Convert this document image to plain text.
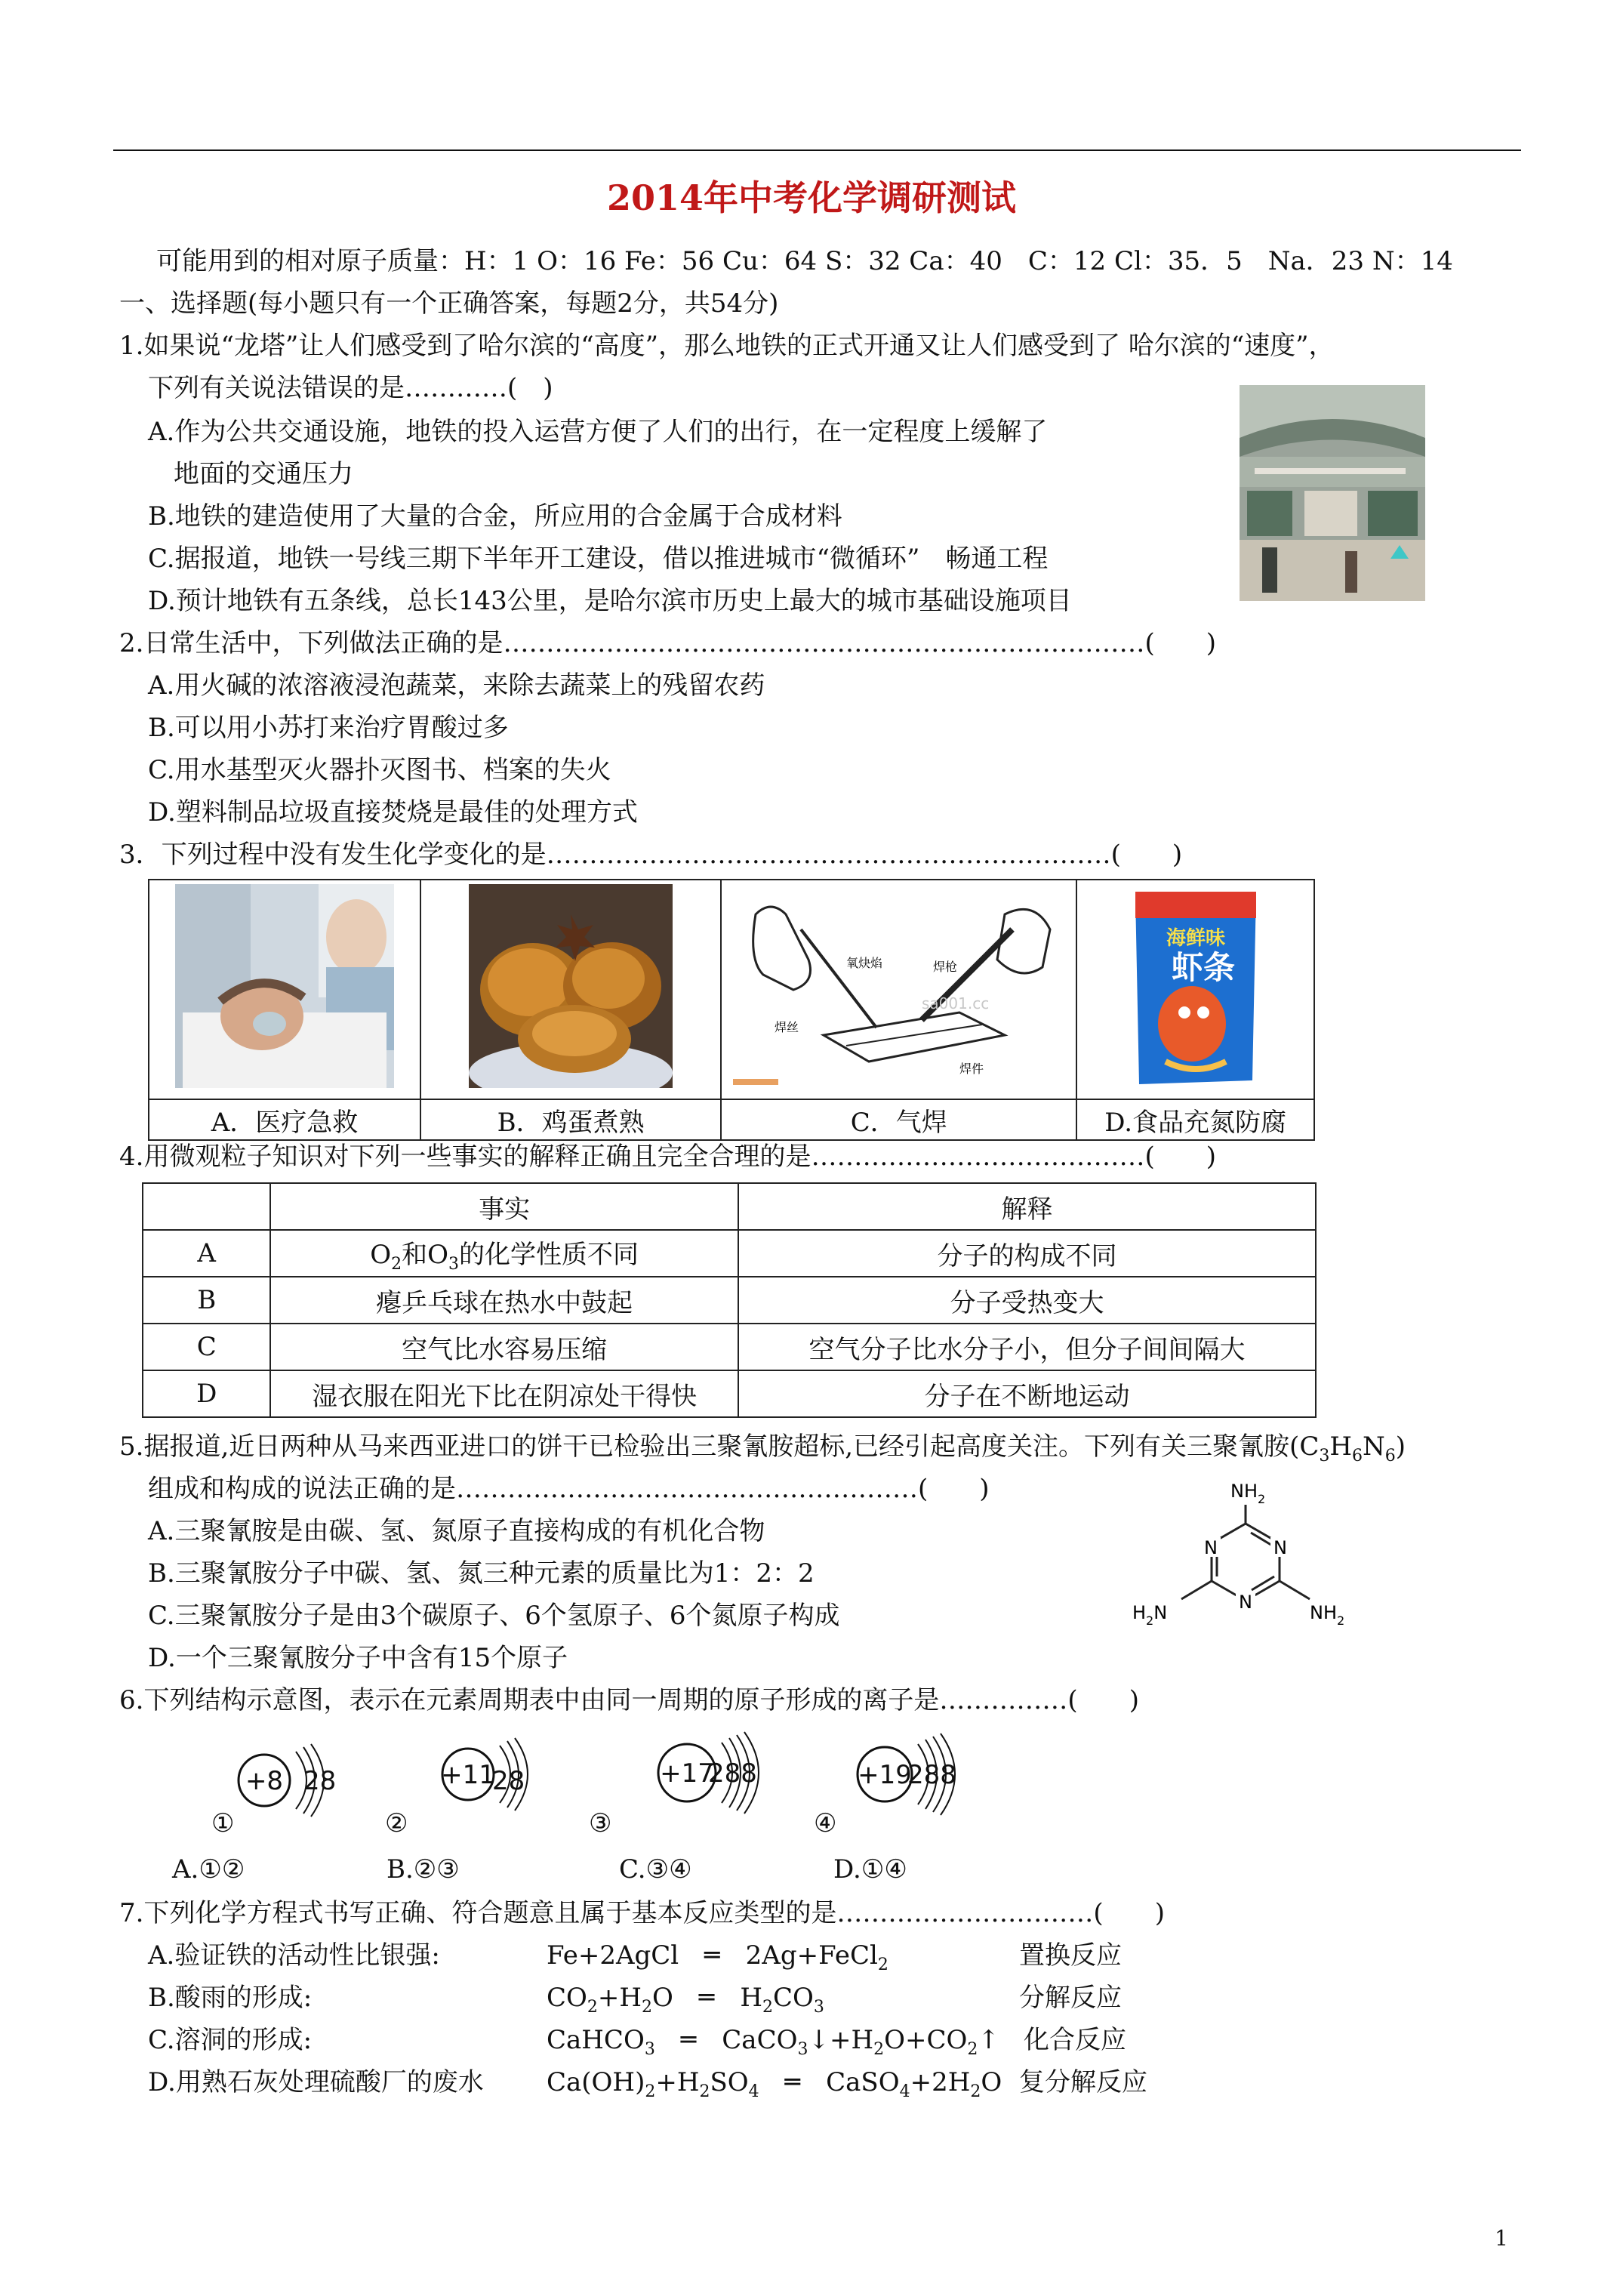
2014年中考化学调研测试
可能用到的相对原子质量：H：1 O：16 Fe：56 Cu：64 S：32 Ca：40　C：12 Cl：35．5　Na．23 N：14
一、选择题(每小题只有一个正确答案，每题2分，共54分)
1.如果说“龙塔”让人们感受到了哈尔滨的“高度”，那么地铁的正式开通又让人们感受到了 哈尔滨的“速度”，
下列有关说法错误的是…………(　)
A.作为公共交通设施，地铁的投入运营方便了人们的出行，在一定程度上缓解了
地面的交通压力
B.地铁的建造使用了大量的合金，所应用的合金属于合成材料
C.据报道，地铁一号线三期下半年开工建设，借以推进城市“微循环”　畅通工程
D.预计地铁有五条线，总长143公里，是哈尔滨市历史上最大的城市基础设施项目
2.日常生活中，下列做法正确的是…………………………………………………………………(　　)
A.用火碱的浓溶液浸泡蔬菜，来除去蔬菜上的残留农药
B.可以用小苏打来治疗胃酸过多
C.用水基型灭火器扑灭图书、档案的失火
D.塑料制品垃圾直接焚烧是最佳的处理方式
3．下列过程中没有发生化学变化的是…………………………………………………………(　　)

氧炔焰
焊丝
焊件
焊枪
sa001.cc	海鲜味
虾条

A．医疗急救	B．鸡蛋煮熟	C．气焊	D.食品充氮防腐
4.用微观粒子知识对下列一些事实的解释正确且完全合理的是…………………………………(　　)
	事实	解释
A	$O_2$和$O_3$的化学性质不同	分子的构成不同
B	瘪乒乓球在热水中鼓起	分子受热变大
C	空气比水容易压缩	空气分子比水分子小，但分子间间隔大
D	湿衣服在阳光下比在阴凉处干得快	分子在不断地运动
5.据报道,近日两种从马来西亚进口的饼干已检验出三聚氰胺超标,已经引起高度关注。下列有关三聚氰胺$(C_3H_6N_6)$
组成和构成的说法正确的是………………………………………………(　　)
A.三聚氰胺是由碳、氢、氮原子直接构成的有机化合物
B.三聚氰胺分子中碳、氢、氮三种元素的质量比为1：2：2
C.三聚氰胺分子是由3个碳原子、6个氢原子、6个氮原子构成
D.一个三聚氰胺分子中含有15个原子
N
N
N
$NH_2$
$NH_2$
$H_2N$
6.下列结构示意图，表示在元素周期表中由同一周期的原子形成的离子是……………(　　)
+8 28
①
+11
28
②
+17
288
③
+19
288
④
A.①②	B.②③	C.③④	D.①④
7.下列化学方程式书写正确、符合题意且属于基本反应类型的是…………………………(　　)
A.验证铁的活动性比银强:	Fe+2AgCl　═　2Ag+FeCl$_2$	置换反应
B.酸雨的形成:	$CO_2+H_2O$　═　$H_2CO_3$	分解反应
C.溶洞的形成:	CaHCO$_3$　═　$CaCO_3↓+H_2O+CO_2↑$ 化合反应
D.用熟石灰处理硫酸厂的废水 $Ca(OH)_2+H_2SO_4$　═　$CaSO_4+2H_2O$ 复分解反应
1
